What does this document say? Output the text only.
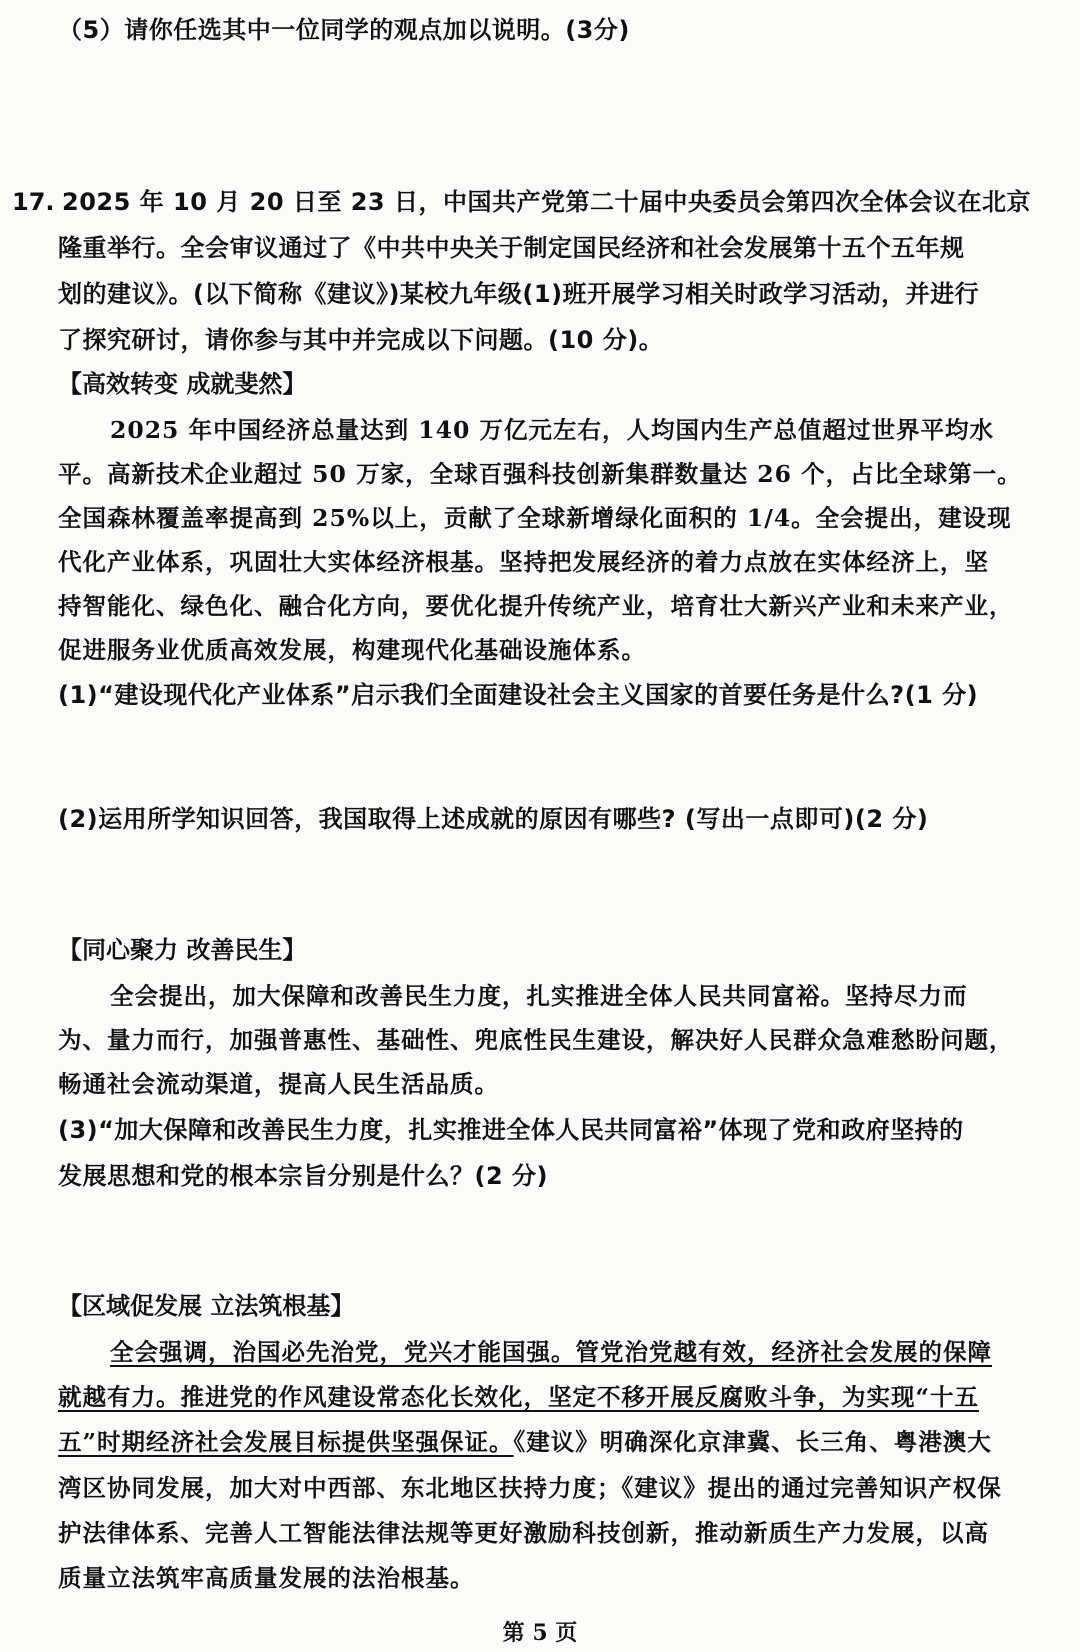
（5）请你任选其中一位同学的观点加以说明。(3分)
17. 2025 年 10 月 20 日至 23 日，中国共产党第二十届中央委员会第四次全体会议在北京
隆重举行。全会审议通过了《中共中央关于制定国民经济和社会发展第十五个五年规
划的建议》。(以下简称《建议》)某校九年级(1)班开展学习相关时政学习活动，并进行
了探究研讨，请你参与其中并完成以下问题。(10 分)。
【高效转变 成就斐然】
2025 年中国经济总量达到 140 万亿元左右，人均国内生产总值超过世界平均水
平。高新技术企业超过 50 万家，全球百强科技创新集群数量达 26 个，占比全球第一。
全国森林覆盖率提高到 25%以上，贡献了全球新增绿化面积的 1/4。全会提出，建设现
代化产业体系，巩固壮大实体经济根基。坚持把发展经济的着力点放在实体经济上，坚
持智能化、绿色化、融合化方向，要优化提升传统产业，培育壮大新兴产业和未来产业，
促进服务业优质高效发展，构建现代化基础设施体系。
(1)“建设现代化产业体系”启示我们全面建设社会主义国家的首要任务是什么?(1 分)
(2)运用所学知识回答，我国取得上述成就的原因有哪些? (写出一点即可)(2 分)
【同心聚力 改善民生】
全会提出，加大保障和改善民生力度，扎实推进全体人民共同富裕。坚持尽力而
为、量力而行，加强普惠性、基础性、兜底性民生建设，解决好人民群众急难愁盼问题，
畅通社会流动渠道，提高人民生活品质。
(3)“加大保障和改善民生力度，扎实推进全体人民共同富裕”体现了党和政府坚持的
发展思想和党的根本宗旨分别是什么？(2 分)
【区域促发展 立法筑根基】
全会强调，治国必先治党，党兴才能国强。管党治党越有效，经济社会发展的保障
就越有力。推进党的作风建设常态化长效化，坚定不移开展反腐败斗争，为实现“十五
五”时期经济社会发展目标提供坚强保证。《建议》明确深化京津冀、长三角、粤港澳大
湾区协同发展，加大对中西部、东北地区扶持力度；《建议》提出的通过完善知识产权保
护法律体系、完善人工智能法律法规等更好激励科技创新，推动新质生产力发展，以高
质量立法筑牢高质量发展的法治根基。
第 5 页
